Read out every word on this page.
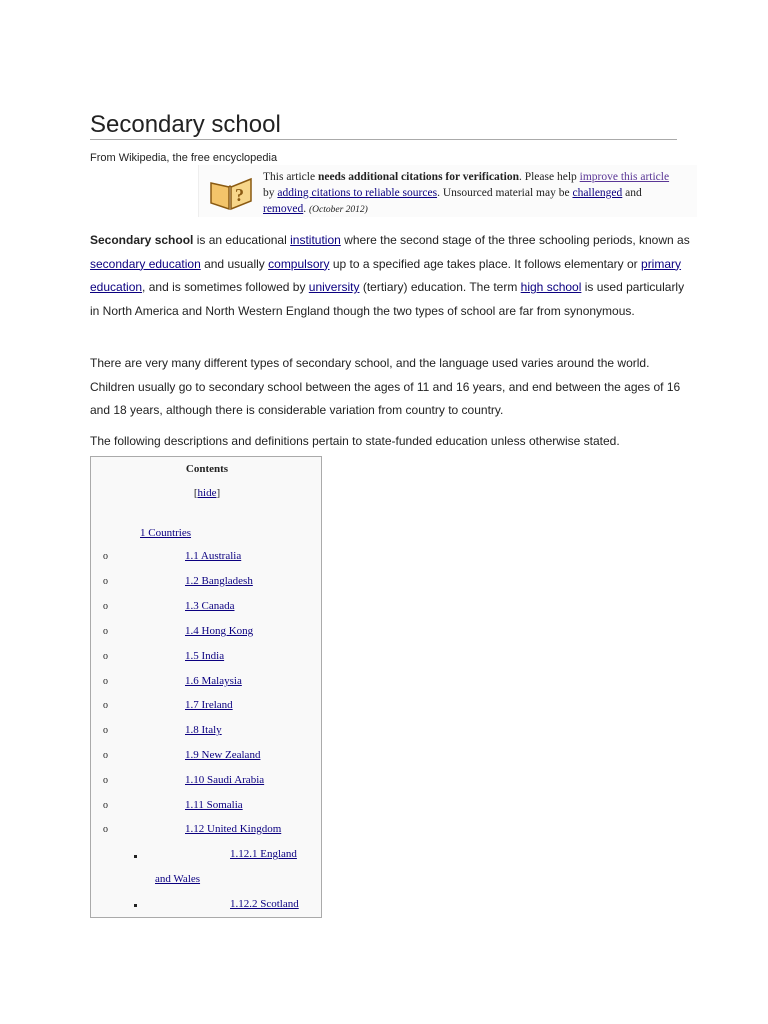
Secondary school
From Wikipedia, the free encyclopedia
?
This article needs additional citations for verification. Please help improve this article by adding citations to reliable sources. Unsourced material may be challenged and removed. (October 2012)

Secondary school is an educational institution where the second stage of the three schooling periods, known as secondary education and usually compulsory up to a specified age takes place. It follows elementary or primary education, and is sometimes followed by university (tertiary) education. The term high school is used particularly in North America and North Western England though the two types of school are far from synonymous.

There are very many different types of secondary school, and the language used varies around the world. Children usually go to secondary school between the ages of 11 and 16 years, and end between the ages of 16 and 18 years, although there is considerable variation from country to country.

The following descriptions and definitions pertain to state-funded education unless otherwise stated.

Contents
[hide]
1 Countries
o	1.1 Australia
o	1.2 Bangladesh
o	1.3 Canada
o	1.4 Hong Kong
o	1.5 India
o	1.6 Malaysia
o	1.7 Ireland
o	1.8 Italy
o	1.9 New Zealand
o	1.10 Saudi Arabia
o	1.11 Somalia
o	1.12 United Kingdom
1.12.1 England
and Wales
1.12.2 Scotland
